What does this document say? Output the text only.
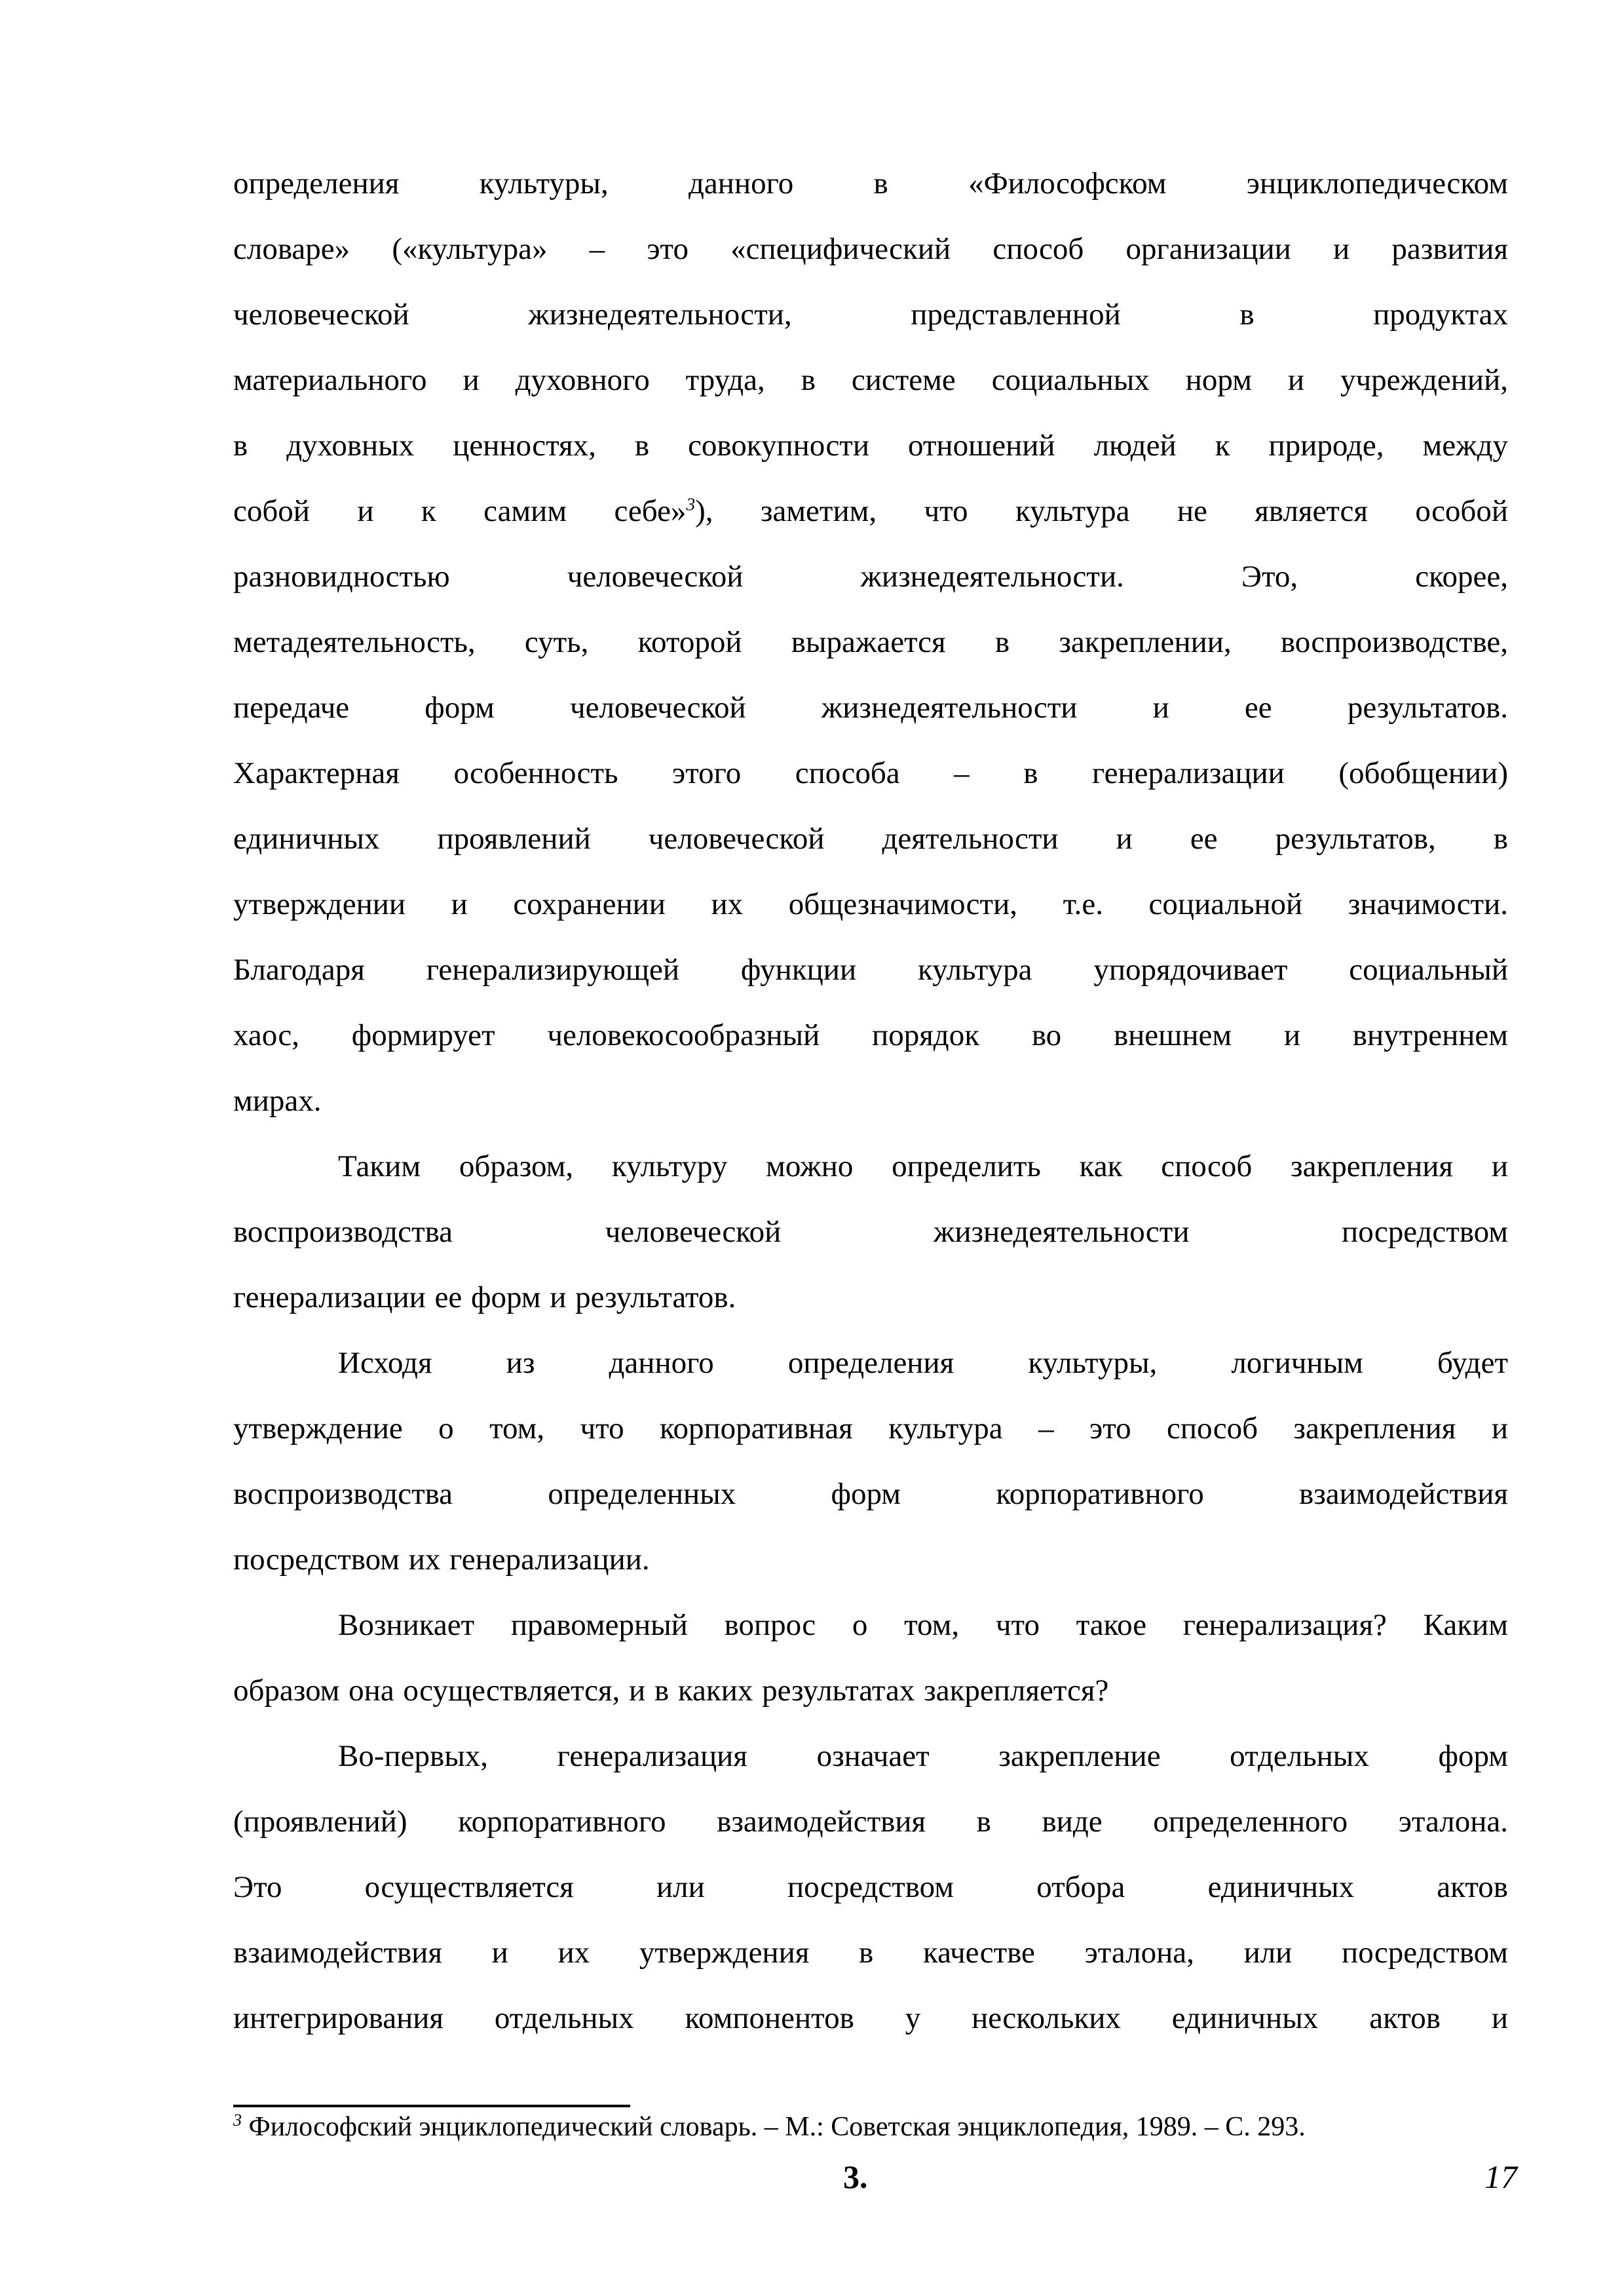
определения культуры, данного в «Философском энциклопедическом
словаре» («культура» – это «специфический способ организации и развития
человеческой жизнедеятельности, представленной в продуктах
материального и духовного труда, в системе социальных норм и учреждений,
в духовных ценностях, в совокупности отношений людей к природе, между
собой и к самим себе»$^3$), заметим, что культура не является особой
разновидностью человеческой жизнедеятельности. Это, скорее,
метадеятельность, суть, которой выражается в закреплении, воспроизводстве,
передаче форм человеческой жизнедеятельности и ее результатов.
Характерная особенность этого способа – в генерализации (обобщении)
единичных проявлений человеческой деятельности и ее результатов, в
утверждении и сохранении их общезначимости, т.е. социальной значимости.
Благодаря генерализирующей функции культура упорядочивает социальный
хаос, формирует человекосообразный порядок во внешнем и внутреннем
мирах.

Таким образом, культуру можно определить как способ закрепления и
воспроизводства человеческой жизнедеятельности посредством
генерализации ее форм и результатов.

Исходя из данного определения культуры, логичным будет
утверждение о том, что корпоративная культура – это способ закрепления и
воспроизводства определенных форм корпоративного взаимодействия
посредством их генерализации.

Возникает правомерный вопрос о том, что такое генерализация? Каким
образом она осуществляется, и в каких результатах закрепляется?

Во-первых, генерализация означает закрепление отдельных форм
(проявлений) корпоративного взаимодействия в виде определенного эталона.
Это осуществляется или посредством отбора единичных актов
взаимодействия и их утверждения в качестве эталона, или посредством
интегрирования отдельных компонентов у нескольких единичных актов и

$^3$ Философский энциклопедический словарь. – М.: Советская энциклопедия, 1989. – С. 293.
3.	17
